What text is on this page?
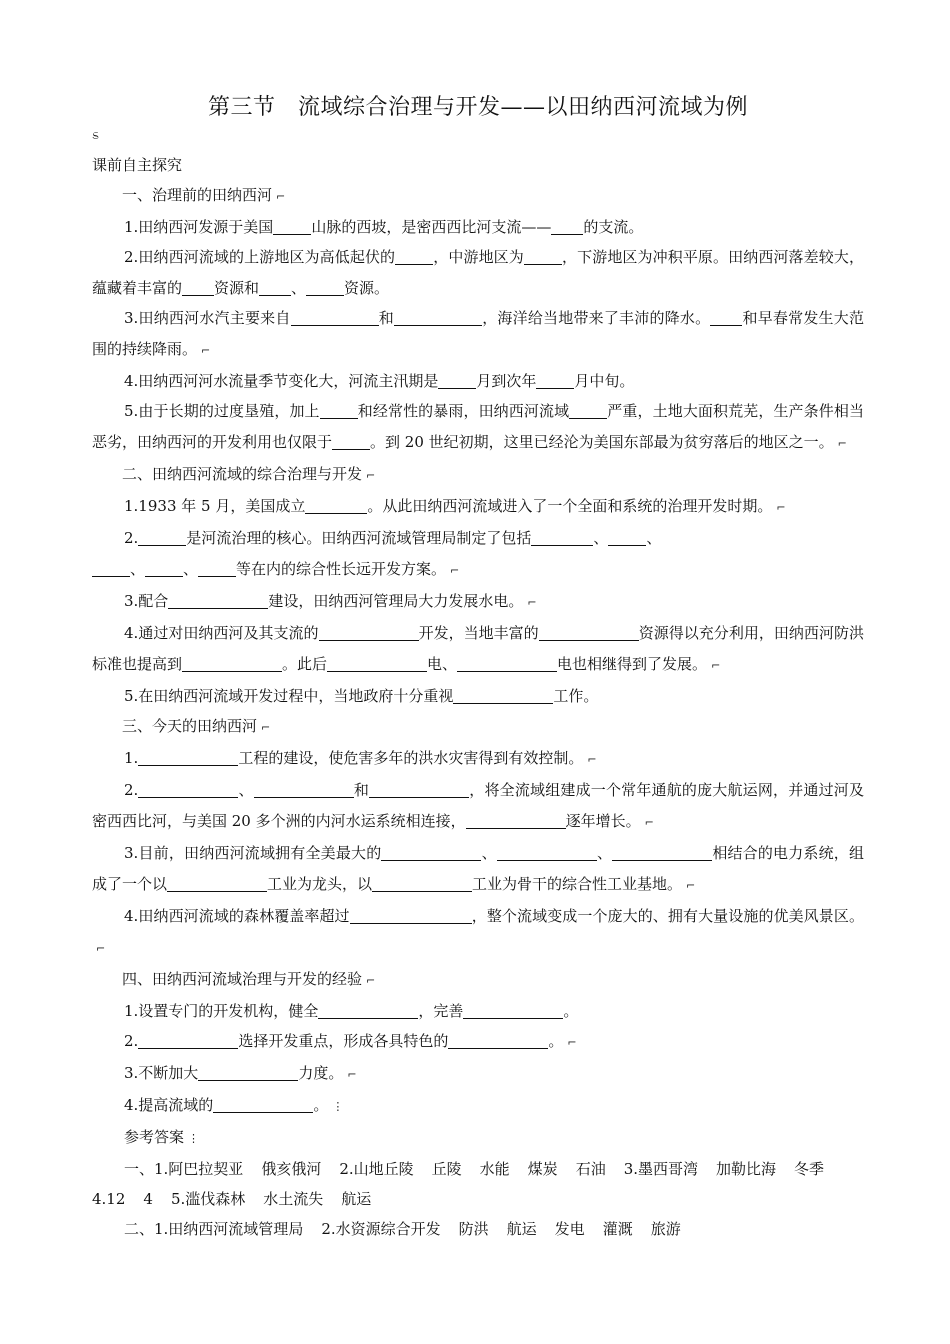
第三节　流域综合治理与开发——以田纳西河流域为例
ಽ
课前自主探究
一、治理前的田纳西河 ⌐
1.田纳西河发源于美国	山脉的西坡，是密西西比河支流—— 的支流。
2.田纳西河流域的上游地区为高低起伏的	，中游地区为	，下游地区为冲积平原。田纳西河落差较大，蕴藏着丰富的 资源和 、	资源。
3.田纳西河水汽主要来自	和	，海洋给当地带来了丰沛的降水。 和早春常发生大范围的持续降雨。 ⌐
4.田纳西河河水流量季节变化大，河流主汛期是	月到次年	月中旬。
5.由于长期的过度垦殖，加上	和经常性的暴雨，田纳西河流域	严重，土地大面积荒芜，生产条件相当恶劣，田纳西河的开发利用也仅限于	。到 20 世纪初期，这里已经沦为美国东部最为贫穷落后的地区之一。 ⌐
二、田纳西河流域的综合治理与开发 ⌐
1.1933 年 5 月，美国成立	。从此田纳西河流域进入了一个全面和系统的治理开发时期。 ⌐
2.	是河流治理的核心。田纳西河流域管理局制定了包括	、	、
、	、	等在内的综合性长远开发方案。 ⌐
3.配合	建设，田纳西河管理局大力发展水电。 ⌐
4.通过对田纳西河及其支流的	开发，当地丰富的	资源得以充分利用，田纳西河防洪标准也提高到	。此后	电、	电也相继得到了发展。 ⌐
5.在田纳西河流域开发过程中，当地政府十分重视	工作。
三、今天的田纳西河 ⌐
1.	工程的建设，使危害多年的洪水灾害得到有效控制。 ⌐
2.	、	和	，将全流域组建成一个常年通航的庞大航运网，并通过河及密西西比河，与美国 20 多个洲的内河水运系统相连接，	逐年增长。 ⌐
3.目前，田纳西河流域拥有全美最大的	、	、	相结合的电力系统，组成了一个以	工业为龙头，以	工业为骨干的综合性工业基地。 ⌐
4.田纳西河流域的森林覆盖率超过	，整个流域变成一个庞大的、拥有大量设施的优美风景区。⌐
四、田纳西河流域治理与开发的经验 ⌐
1.设置专门的开发机构，健全	，完善	。
2.	选择开发重点，形成各具特色的	。 ⌐
3.不断加大	力度。 ⌐
4.提高流域的	。 ⋮
参考答案 ⋮
一、1.阿巴拉契亚 俄亥俄河 2.山地丘陵 丘陵 水能 煤炭 石油 3.墨西哥湾 加勒比海 冬季
4.12 4 5.滥伐森林 水土流失 航运
二、1.田纳西河流域管理局 2.水资源综合开发 防洪 航运 发电 灌溉 旅游
